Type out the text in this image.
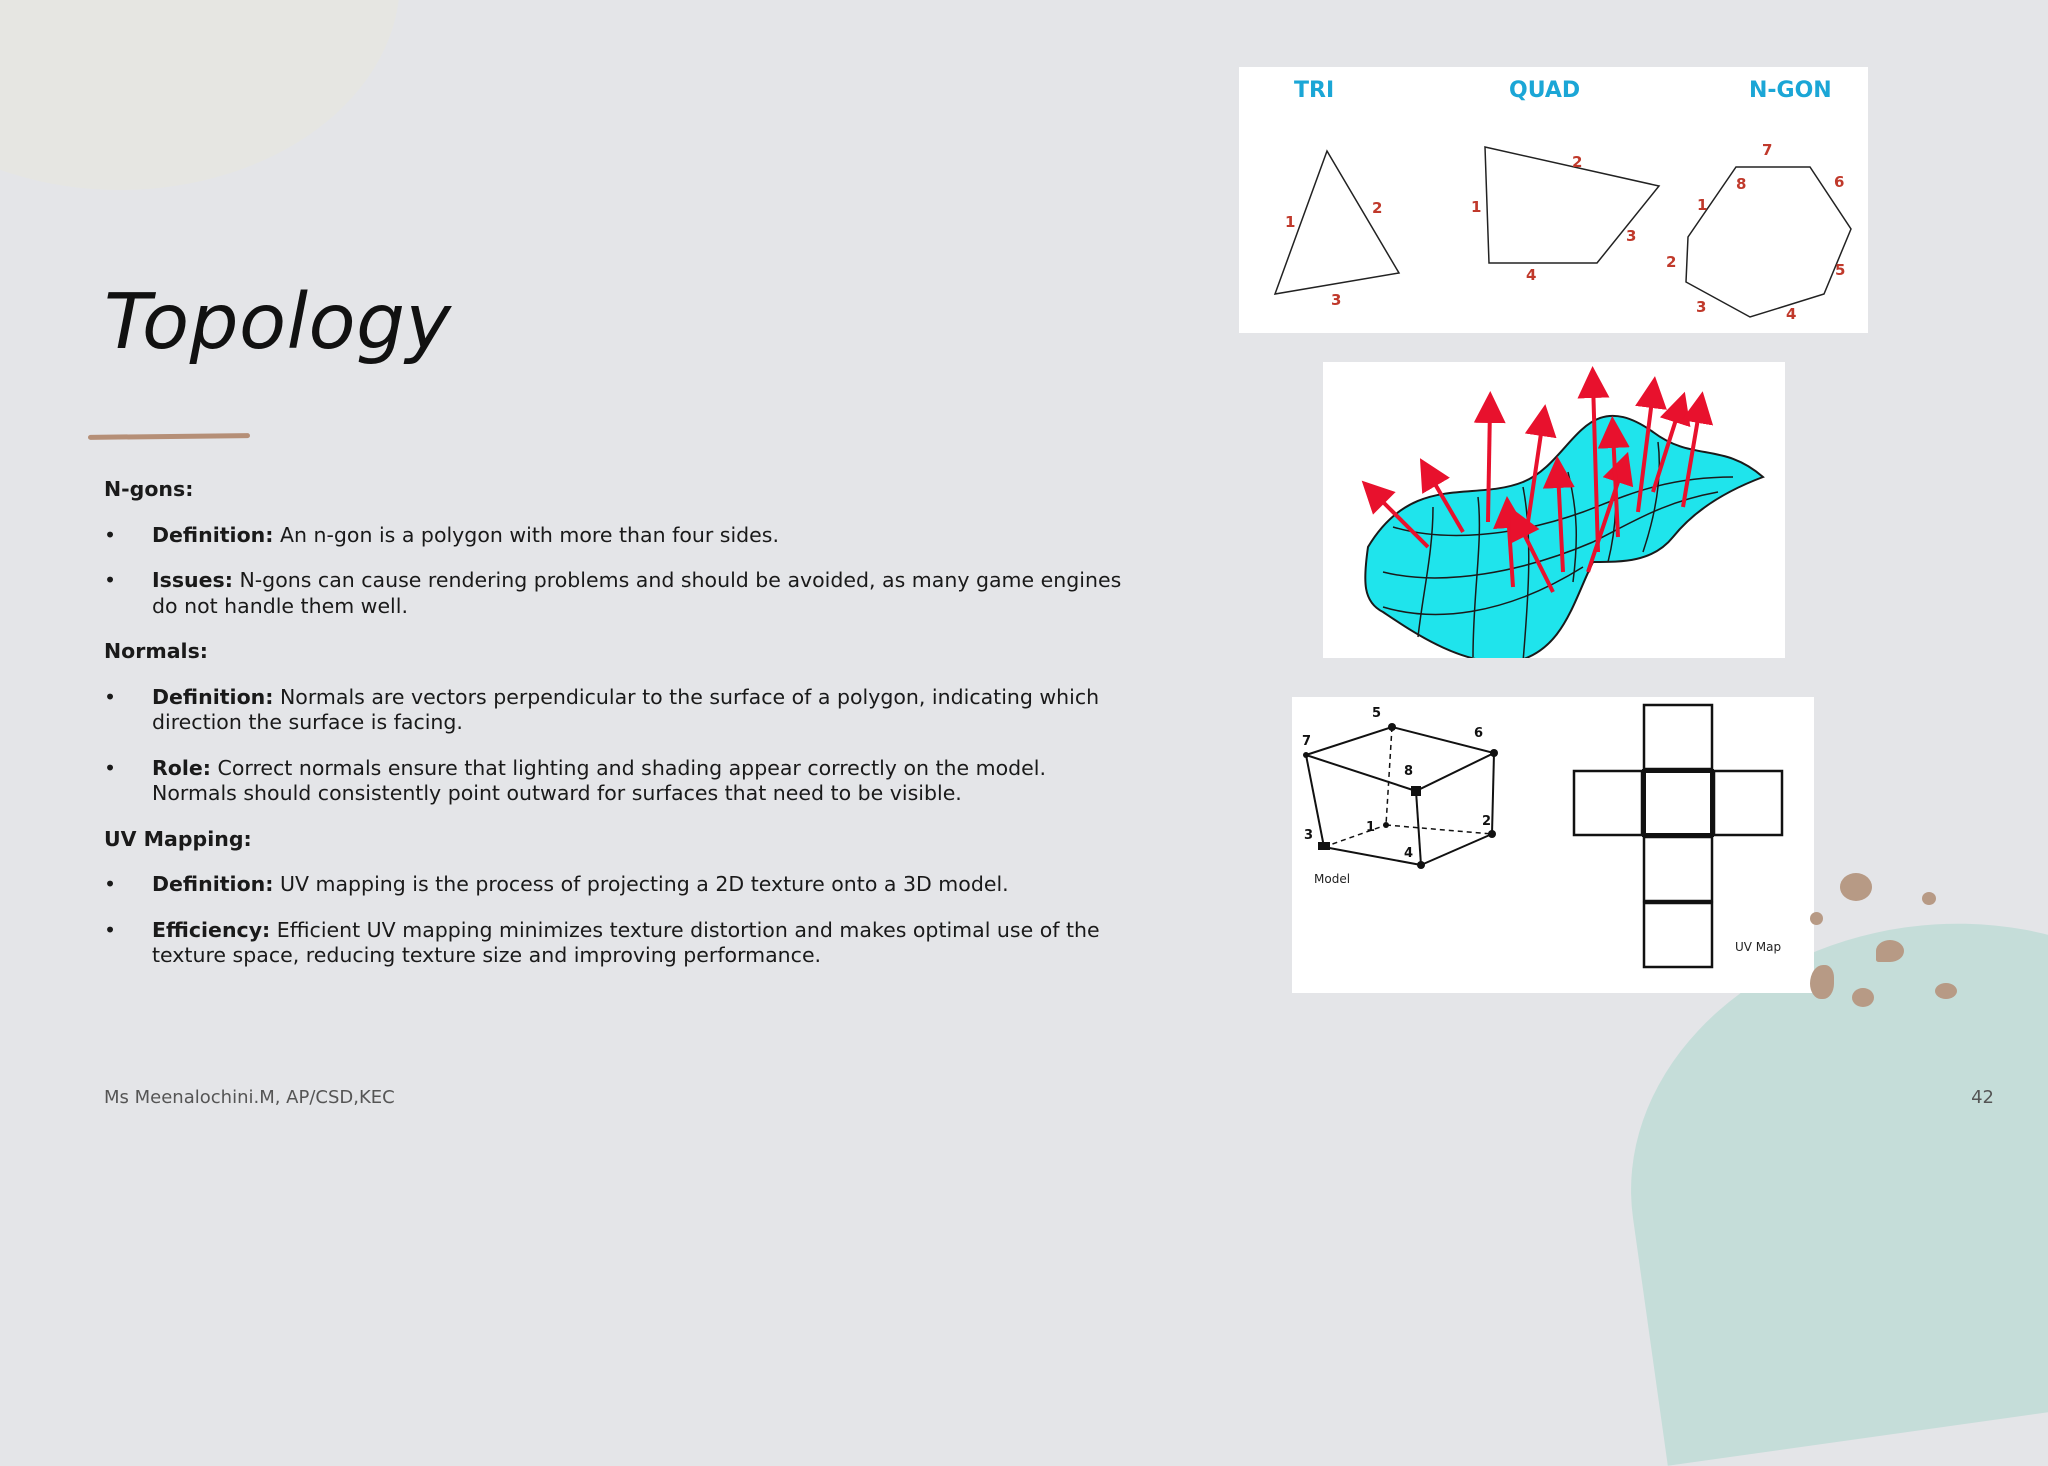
Topology
N-gons:
• Definition: An n-gon is a polygon with more than four sides.
• Issues: N-gons can cause rendering problems and should be avoided, as many game engines do not handle them well.
Normals:
• Definition: Normals are vectors perpendicular to the surface of a polygon, indicating which direction the surface is facing.
• Role: Correct normals ensure that lighting and shading appear correctly on the model. Normals should consistently point outward for surfaces that need to be visible.
UV Mapping:
• Definition: UV mapping is the process of projecting a 2D texture onto a 3D model.
• Efficiency: Efficient UV mapping minimizes texture distortion and makes optimal use of the texture space, reducing texture size and improving performance.
TRI	QUAD	N-GON
1
2
3
1
2
3
4
1
2
3	4
5
6
7
8
1	2
3
4
5
6
7
8
Model
UV Map
Ms Meenalochini.M, AP/CSD,KEC	42
